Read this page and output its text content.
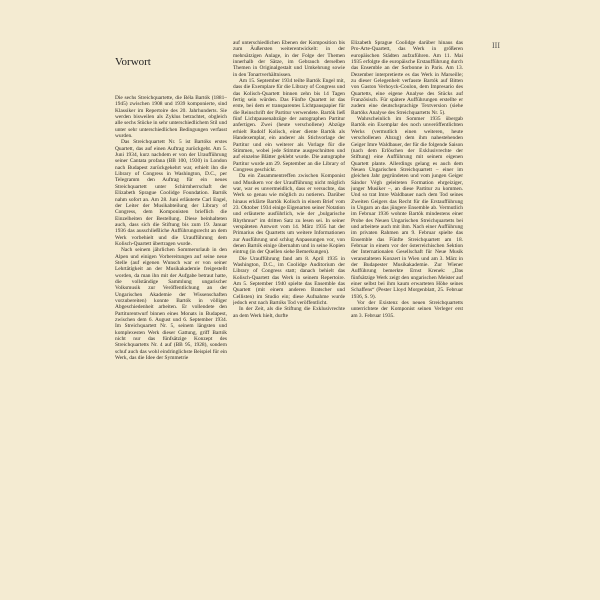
III
Vorwort

Die sechs Streichquartette, die Béla Bartók (1881–1945) zwischen 1908 und 1939 komponierte, sind Klassiker im Repertoire des 20. Jahrhunderts. Sie werden bisweilen als Zyklus betrachtet, obgleich alle sechs Stücke in sehr unterschiedlichem Stil und unter sehr unterschiedlichen Bedingungen verfasst wurden.

Das Streichquartett Nr. 5 ist Bartóks erstes Quartett, das auf einen Auftrag zurückgeht. Am 5. Juni 1934, kurz nachdem er von der Uraufführung seiner Cantata profana (BB 100, 1930) in London nach Budapest zurückgekehrt war, erhielt ihn die Library of Congress in Washington, D.C., per Telegramm den Auftrag für ein neues Streichquartett unter Schirmherrschaft der Elizabeth Sprague Coolidge Foundation. Bartók nahm sofort an. Am 28. Juni erläuterte Carl Engel, der Leiter der Musikabteilung der Library of Congress, dem Komponisten brieflich die Einzelheiten der Bestellung. Diese beinhalteten auch, dass sich die Stiftung bis zum 19. Januar 1936 das ausschließliche Aufführungsrecht an dem Werk vorbehielt und die Uraufführung dem Kolisch-Quartett übertragen wurde.

Nach seinem jährlichen Sommerurlaub in den Alpen und einigen Vorbereitungen auf seine neue Stelle (auf eigenen Wunsch war er von seiner Lehrtätigkeit an der Musikakademie freigestellt worden, da man ihn mit der Aufgabe betraut hatte, die vollständige Sammlung ungarischer Volksmusik zur Veröffentlichung an der Ungarischen Akademie der Wissenschaften vorzubereiten) konnte Bartók in völliger Abgeschiedenheit arbeiten. Er vollendete den Partiturentwurf binnen eines Monats in Budapest, zwischen dem 6. August und 6. September 1934. Im Streichquartett Nr. 5, seinem längsten und komplexesten Werk dieser Gattung, griff Bartók nicht nur das fünfsätzige Konzept des Streichquartetts Nr. 4 auf (BB 95, 1928), sondern schuf auch das wohl eindringlichste Beispiel für ein Werk, das die Idee der Symmetrie

auf unterschiedlichen Ebenen der Komposition bis zum Äußersten weiterentwickelt: in der mehrsätzigen Anlage, in der Folge der Themen innerhalb der Sätze, im Gebrauch derselben Themen in Originalgestalt und Umkehrung sowie in den Tonartverhältnissen.

Am 15. September 1934 teilte Bartók Engel mit, dass die Exemplare für die Library of Congress und das Kolisch-Quartett binnen zehn bis 14 Tagen fertig sein würden. Das Fünfte Quartett ist das erste, bei dem er transparentes Lichtpauspapier für die Reinschrift der Partitur verwendete. Bartók ließ fünf Lichtpausenabzüge der autographen Partitur anfertigen. Zwei (heute verschollene) Abzüge erhielt Rudolf Kolisch, einer diente Bartók als Handexemplar, ein anderer als Stichvorlage der Partitur und ein weiterer als Vorlage für die Stimmen, wobei jede Stimme ausgeschnitten und auf einzelne Blätter geklebt wurde. Die autographe Partitur wurde am 29. September an die Library of Congress geschickt.

Da ein Zusammentreffen zwischen Komponist und Musikern vor der Uraufführung nicht möglich war, war es unvermeidlich, dass er versuchte, das Werk so genau wie möglich zu notieren. Darüber hinaus erklärte Bartók Kolisch in einem Brief vom 23. Oktober 1934 einige Eigenarten seiner Notation und erläuterte ausführlich, wie der „bulgarische Rhythmus“ im dritten Satz zu lesen sei. In seiner verspäteten Antwort vom 14. März 1935 hat der Primarius des Quartetts um weitere Informationen zur Ausführung und schlug Anpassungen vor, von denen Bartók einige übernahm und in seine Kopien eintrug (in der Quellen siehe Bemerkungen).

Die Uraufführung fand am 8. April 1935 in Washington, D.C., im Coolidge Auditorium der Library of Congress statt; danach behielt das Kolisch-Quartett das Werk in seinem Repertoire. Am 5. September 1940 spielte das Ensemble das Quartett (mit einem anderen Bratscher und Cellisten) im Studio ein; diese Aufnahme wurde jedoch erst nach Bartóks Tod veröffentlicht.

In der Zeit, als die Stiftung die Exklusivrechte an dem Werk hielt, durfte

Elizabeth Sprague Coolidge darüber hinaus das Pro-Arte-Quartett, das Werk in größeren europäischen Städten aufzuführen. Am 11. Mai 1935 erfolgte die europäische Erstaufführung durch das Ensemble an der Sorbonne in Paris. Am 13. Dezember interpretierte es das Werk in Marseille; zu dieser Gelegenheit verfasste Bartók auf Bitten von Gaston Verhoyck-Coulon, dem Impresario des Quartetts, eine eigene Analyse des Stücks auf Französisch. Für spätere Aufführungen erstellte er zudem eine deutschsprachige Textversion (siehe Bartóks Analyse des Streichquartetts Nr. 5).

Wahrscheinlich im Sommer 1935 übergab Bartók ein Exemplar des noch unveröffentlichten Werks (vermutlich einen weiteren, heute verschollenen Abzug) dem ihm nahestehenden Geiger Imre Waldbauer, der für die folgende Saison (nach dem Erlöschen der Exklusivrechte der Stiftung) eine Aufführung mit seinem eigenen Quartett plante. Allerdings gelang es auch dem Neuen Ungarischen Streichquartett – einer im gleichen Jahr gegründeten und vom jungen Geiger Sándor Végh geleiteten Formation ehrgeiziger, junger Musiker –, an diese Partitur zu kommen. Und so trat Imre Waldbauer nach dem Tod seines Zweiten Geigers das Recht für die Erstaufführung in Ungarn an das jüngere Ensemble ab. Vermutlich im Februar 1936 wohnte Bartók mindestens einer Probe des Neuen Ungarischen Streichquartetts bei und arbeitete auch mit ihm. Nach einer Aufführung im privaten Rahmen am 9. Februar spielte das Ensemble das Fünfte Streichquartett am 18. Februar in einem vor der österreichischen Sektion der Internationalen Gesellschaft für Neue Musik veranstalteten Konzert in Wien und am 3. März in der Budapester Musikakademie. Zur Wiener Aufführung bemerkte Ernst Krenek: „Das fünfsätzige Werk zeigt den ungarischen Meister auf einer selbst bei ihm kaum erwarteten Höhe seines Schaffens“ (Pester Lloyd Morgenblatt, 25. Februar 1936, S. 9).

Vor der Existenz des neuen Streichquartetts unterrichtete der Komponist seinen Verleger erst am 3. Februar 1935.
